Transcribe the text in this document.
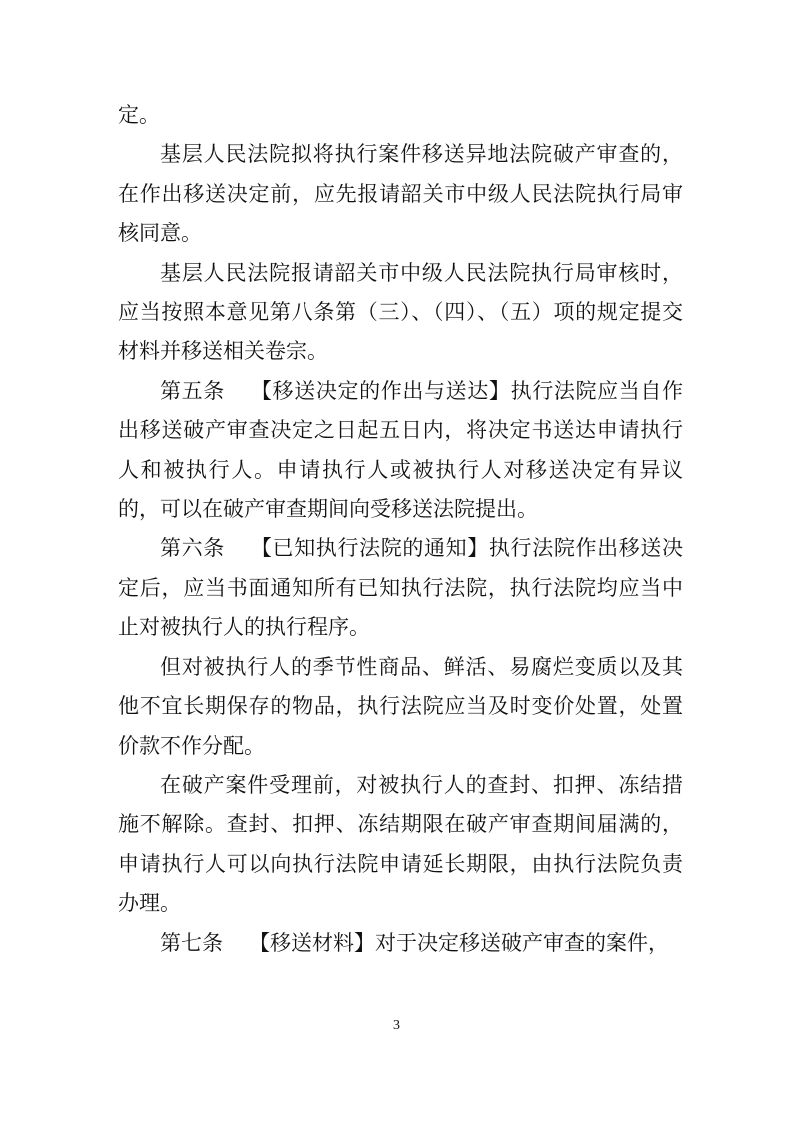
定。

基层人民法院拟将执行案件移送异地法院破产审查的，在作出移送决定前，应先报请韶关市中级人民法院执行局审核同意。

基层人民法院报请韶关市中级人民法院执行局审核时，应当按照本意见第八条第（三）、（四）、（五）项的规定提交材料并移送相关卷宗。

第五条 【移送决定的作出与送达】执行法院应当自作出移送破产审查决定之日起五日内，将决定书送达申请执行人和被执行人。申请执行人或被执行人对移送决定有异议的，可以在破产审查期间向受移送法院提出。

第六条 【已知执行法院的通知】执行法院作出移送决定后，应当书面通知所有已知执行法院，执行法院均应当中止对被执行人的执行程序。

但对被执行人的季节性商品、鲜活、易腐烂变质以及其他不宜长期保存的物品，执行法院应当及时变价处置，处置价款不作分配。

在破产案件受理前，对被执行人的查封、扣押、冻结措施不解除。查封、扣押、冻结期限在破产审查期间届满的，申请执行人可以向执行法院申请延长期限，由执行法院负责办理。

第七条 【移送材料】对于决定移送破产审查的案件，

3
